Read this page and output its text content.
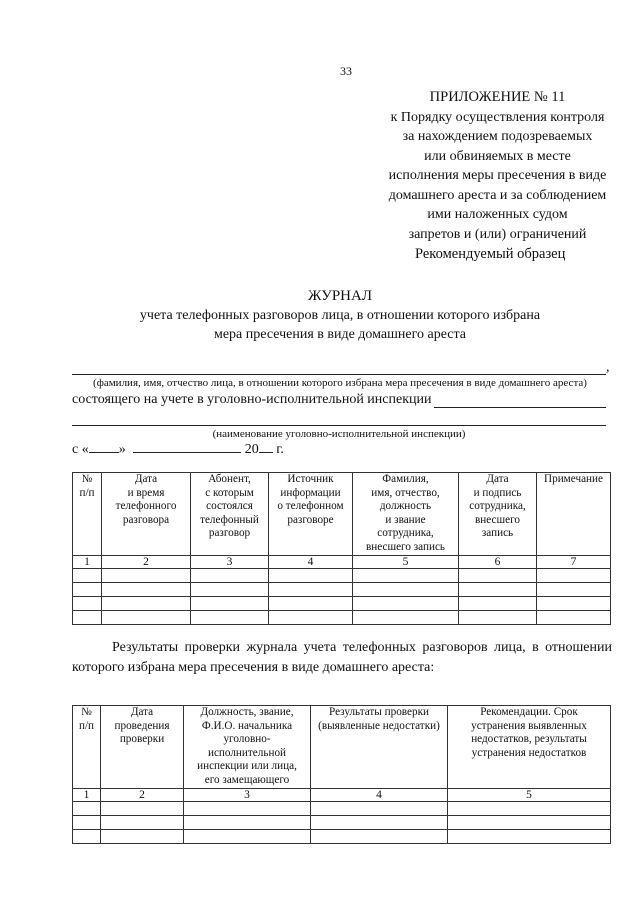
33
ПРИЛОЖЕНИЕ № 11
к Порядку осуществления контроля
за нахождением подозреваемых
или обвиняемых в месте
исполнения меры пресечения в виде
домашнего ареста и за соблюдением
ими наложенных судом
запретов и (или) ограничений
Рекомендуемый образец
ЖУРНАЛ
учета телефонных разговоров лица, в отношении которого избрана
мера пресечения в виде домашнего ареста
,
(фамилия, имя, отчество лица, в отношении которого избрана мера пресечения в виде домашнего ареста)
состоящего на учете в уголовно-исполнительной инспекции
(наименование уголовно-исполнительной инспекции)
с « »	20 г.
№
п/п

Дата
и время
телефонного
разговора

Абонент,
с которым
состоялся
телефонный
разговор

Источник
информации
о телефонном
разговоре

Фамилия,
имя, отчество,
должность
и звание
сотрудника,
внесшего запись

Дата
и подпись
сотрудника,
внесшего
запись

Примечание

1	2	3	4	5	6	7

Результаты проверки журнала учета телефонных разговоров лица, в отношении которого избрана мера пресечения в виде домашнего ареста:
№
п/п

Дата
проведения
проверки

Должность, звание,
Ф.И.О. начальника
уголовно-
исполнительной
инспекции или лица,
его замещающего

Результаты проверки
(выявленные недостатки)

Рекомендации. Срок
устранения выявленных
недостатков, результаты
устранения недостатков

1	2	3	4	5
